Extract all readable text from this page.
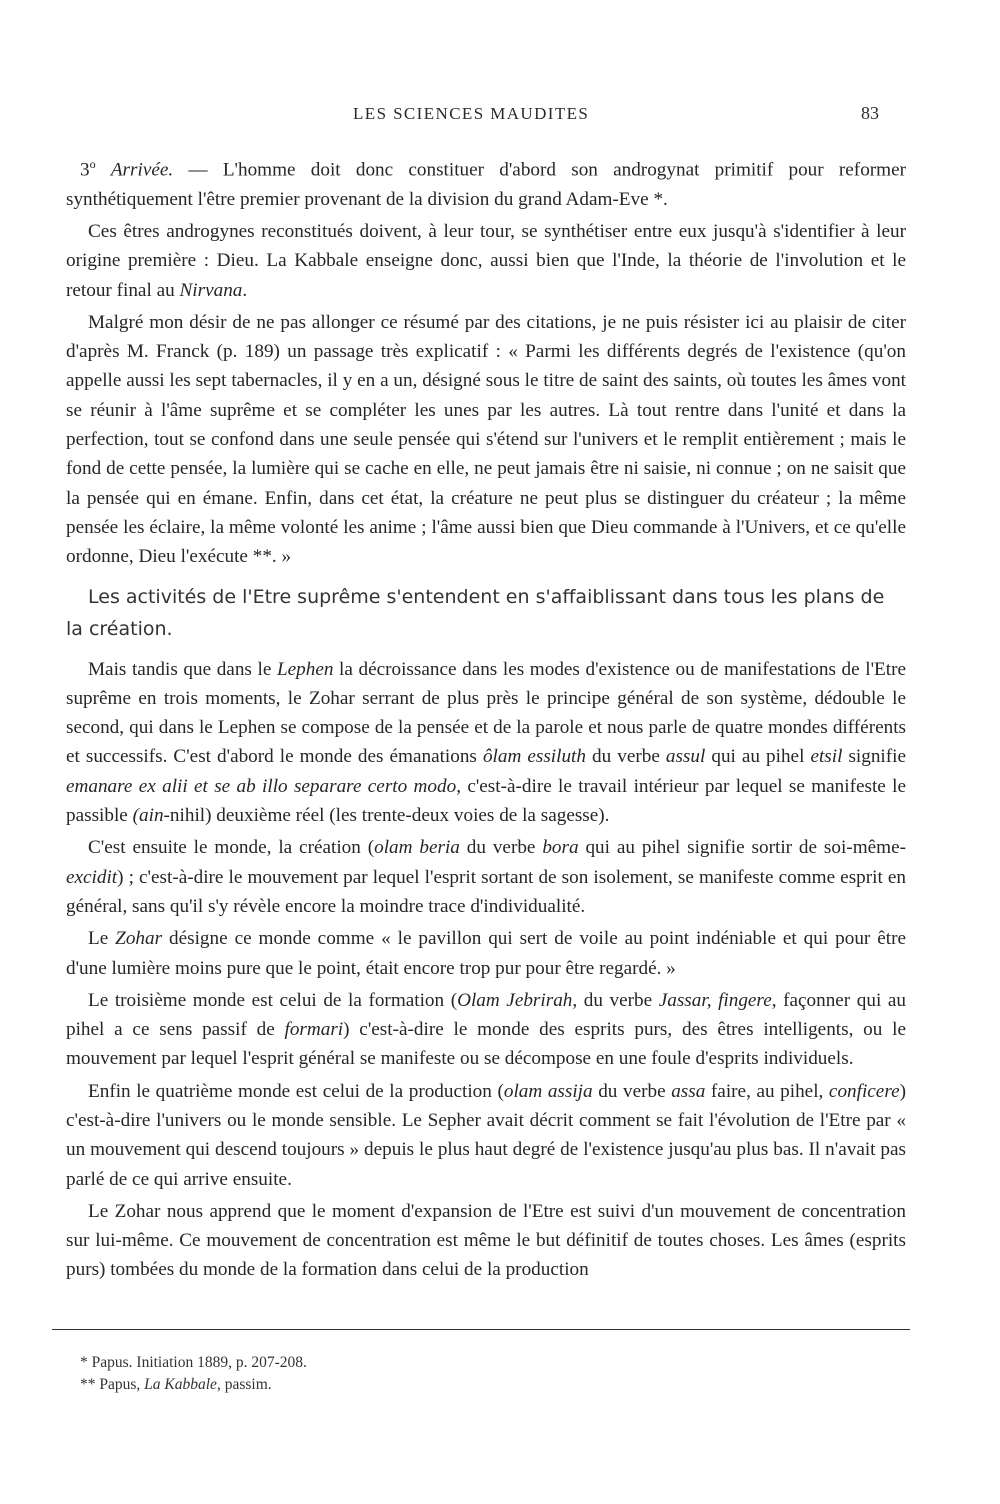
LES SCIENCES MAUDITES	83

3$^o$ Arrivée. — L'homme doit donc constituer d'abord son androgynat primitif pour reformer synthétiquement l'être premier provenant de la division du grand Adam-Eve *.

Ces êtres androgynes reconstitués doivent, à leur tour, se synthétiser entre eux jusqu'à s'identifier à leur origine première : Dieu. La Kabbale enseigne donc, aussi bien que l'Inde, la théorie de l'involution et le retour final au Nirvana.

Malgré mon désir de ne pas allonger ce résumé par des citations, je ne puis résister ici au plaisir de citer d'après M. Franck (p. 189) un passage très explicatif : « Parmi les différents degrés de l'existence (qu'on appelle aussi les sept tabernacles, il y en a un, désigné sous le titre de saint des saints, où toutes les âmes vont se réunir à l'âme suprême et se compléter les unes par les autres. Là tout rentre dans l'unité et dans la perfection, tout se confond dans une seule pensée qui s'étend sur l'univers et le remplit entièrement ; mais le fond de cette pensée, la lumière qui se cache en elle, ne peut jamais être ni saisie, ni connue ; on ne saisit que la pensée qui en émane. Enfin, dans cet état, la créature ne peut plus se distinguer du créateur ; la même pensée les éclaire, la même volonté les anime ; l'âme aussi bien que Dieu commande à l'Univers, et ce qu'elle ordonne, Dieu l'exécute **. »

Les activités de l'Etre suprême s'entendent en s'affaiblissant dans tous les plans de la création.

Mais tandis que dans le Lephen la décroissance dans les modes d'existence ou de manifestations de l'Etre suprême en trois moments, le Zohar serrant de plus près le principe général de son système, dédouble le second, qui dans le Lephen se compose de la pensée et de la parole et nous parle de quatre mondes différents et successifs. C'est d'abord le monde des émanations ôlam essiluth du verbe assul qui au pihel etsil signifie emanare ex alii et se ab illo separare certo modo, c'est-à-dire le travail intérieur par lequel se manifeste le passible (ain-nihil) deuxième réel (les trente-deux voies de la sagesse).

C'est ensuite le monde, la création (olam beria du verbe bora qui au pihel signifie sortir de soi-même-excidit) ; c'est-à-dire le mouvement par lequel l'esprit sortant de son isolement, se manifeste comme esprit en général, sans qu'il s'y révèle encore la moindre trace d'individualité.

Le Zohar désigne ce monde comme « le pavillon qui sert de voile au point indéniable et qui pour être d'une lumière moins pure que le point, était encore trop pur pour être regardé. »

Le troisième monde est celui de la formation (Olam Jebrirah, du verbe Jassar, fingere, façonner qui au pihel a ce sens passif de formari) c'est-à-dire le monde des esprits purs, des êtres intelligents, ou le mouvement par lequel l'esprit général se manifeste ou se décompose en une foule d'esprits individuels.

Enfin le quatrième monde est celui de la production (olam assija du verbe assa faire, au pihel, conficere) c'est-à-dire l'univers ou le monde sensible. Le Sepher avait décrit comment se fait l'évolution de l'Etre par « un mouvement qui descend toujours » depuis le plus haut degré de l'existence jusqu'au plus bas. Il n'avait pas parlé de ce qui arrive ensuite.

Le Zohar nous apprend que le moment d'expansion de l'Etre est suivi d'un mouvement de concentration sur lui-même. Ce mouvement de concentration est même le but définitif de toutes choses. Les âmes (esprits purs) tombées du monde de la formation dans celui de la production

* Papus. Initiation 1889, p. 207-208.

** Papus, La Kabbale, passim.
